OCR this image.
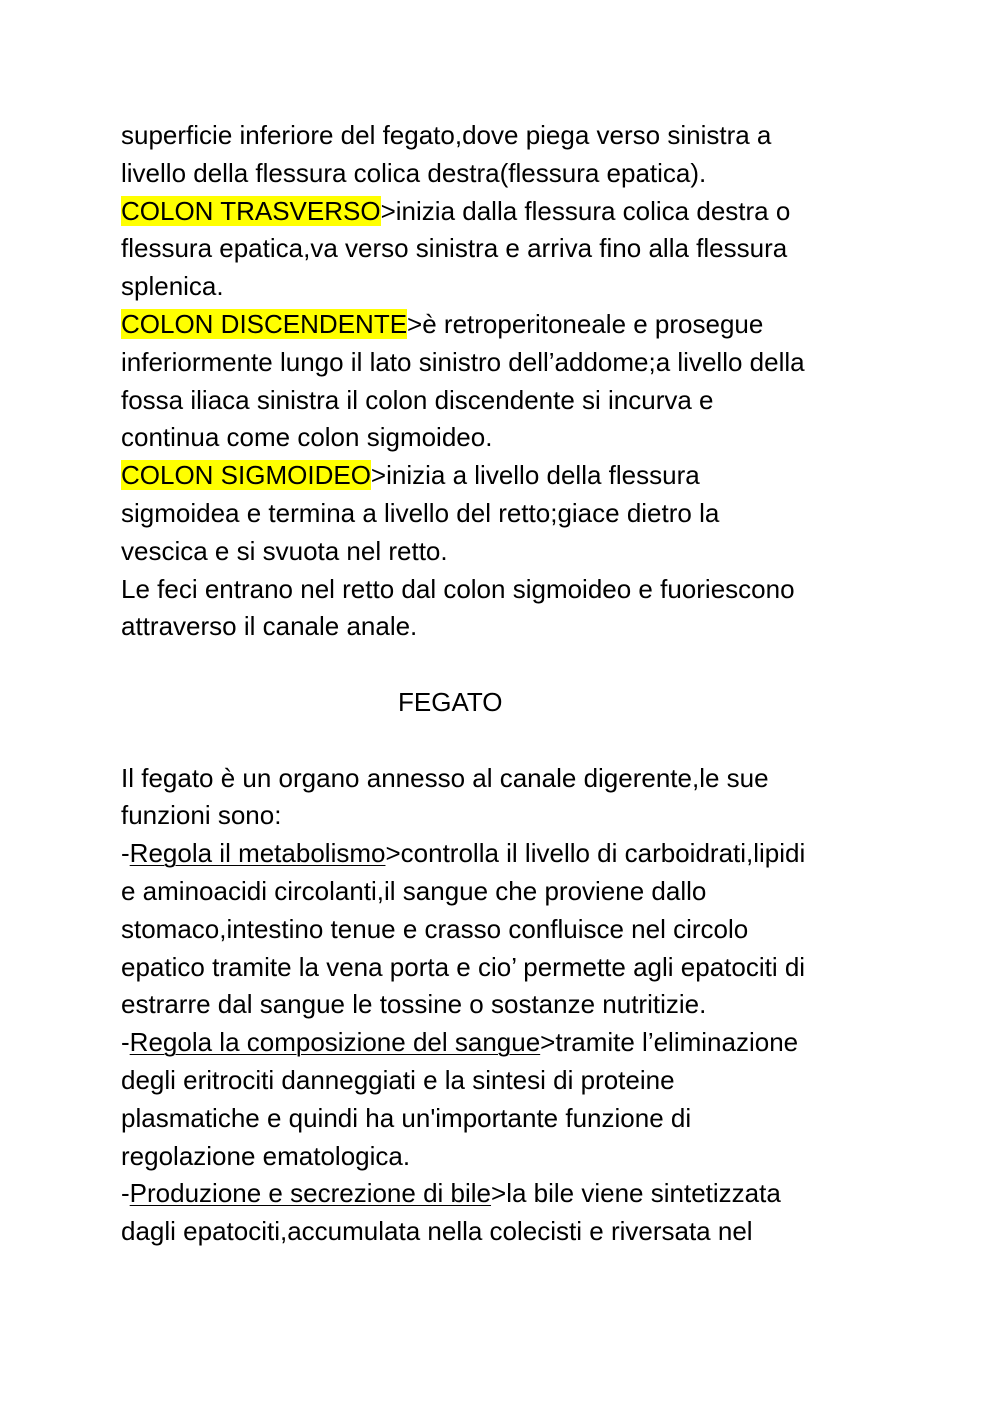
superficie inferiore del fegato,dove piega verso sinistra a
livello della flessura colica destra(flessura epatica).

COLON TRASVERSO>inizia dalla flessura colica destra o
flessura epatica,va verso sinistra e arriva fino alla flessura
splenica.

COLON DISCENDENTE>è retroperitoneale e prosegue
inferiormente lungo il lato sinistro dell’addome;a livello della
fossa iliaca sinistra il colon discendente si incurva e
continua come colon sigmoideo.

COLON SIGMOIDEO>inizia a livello della flessura
sigmoidea e termina a livello del retto;giace dietro la
vescica e si svuota nel retto.

Le feci entrano nel retto dal colon sigmoideo e fuoriescono
attraverso il canale anale.

FEGATO

Il fegato è un organo annesso al canale digerente,le sue
funzioni sono:

-Regola il metabolismo>controlla il livello di carboidrati,lipidi
e aminoacidi circolanti,il sangue che proviene dallo
stomaco,intestino tenue e crasso confluisce nel circolo
epatico tramite la vena porta e cio’ permette agli epatociti di
estrarre dal sangue le tossine o sostanze nutritizie.

-Regola la composizione del sangue>tramite l’eliminazione
degli eritrociti danneggiati e la sintesi di proteine
plasmatiche e quindi ha un'importante funzione di
regolazione ematologica.

-Produzione e secrezione di bile>la bile viene sintetizzata
dagli epatociti,accumulata nella colecisti e riversata nel
